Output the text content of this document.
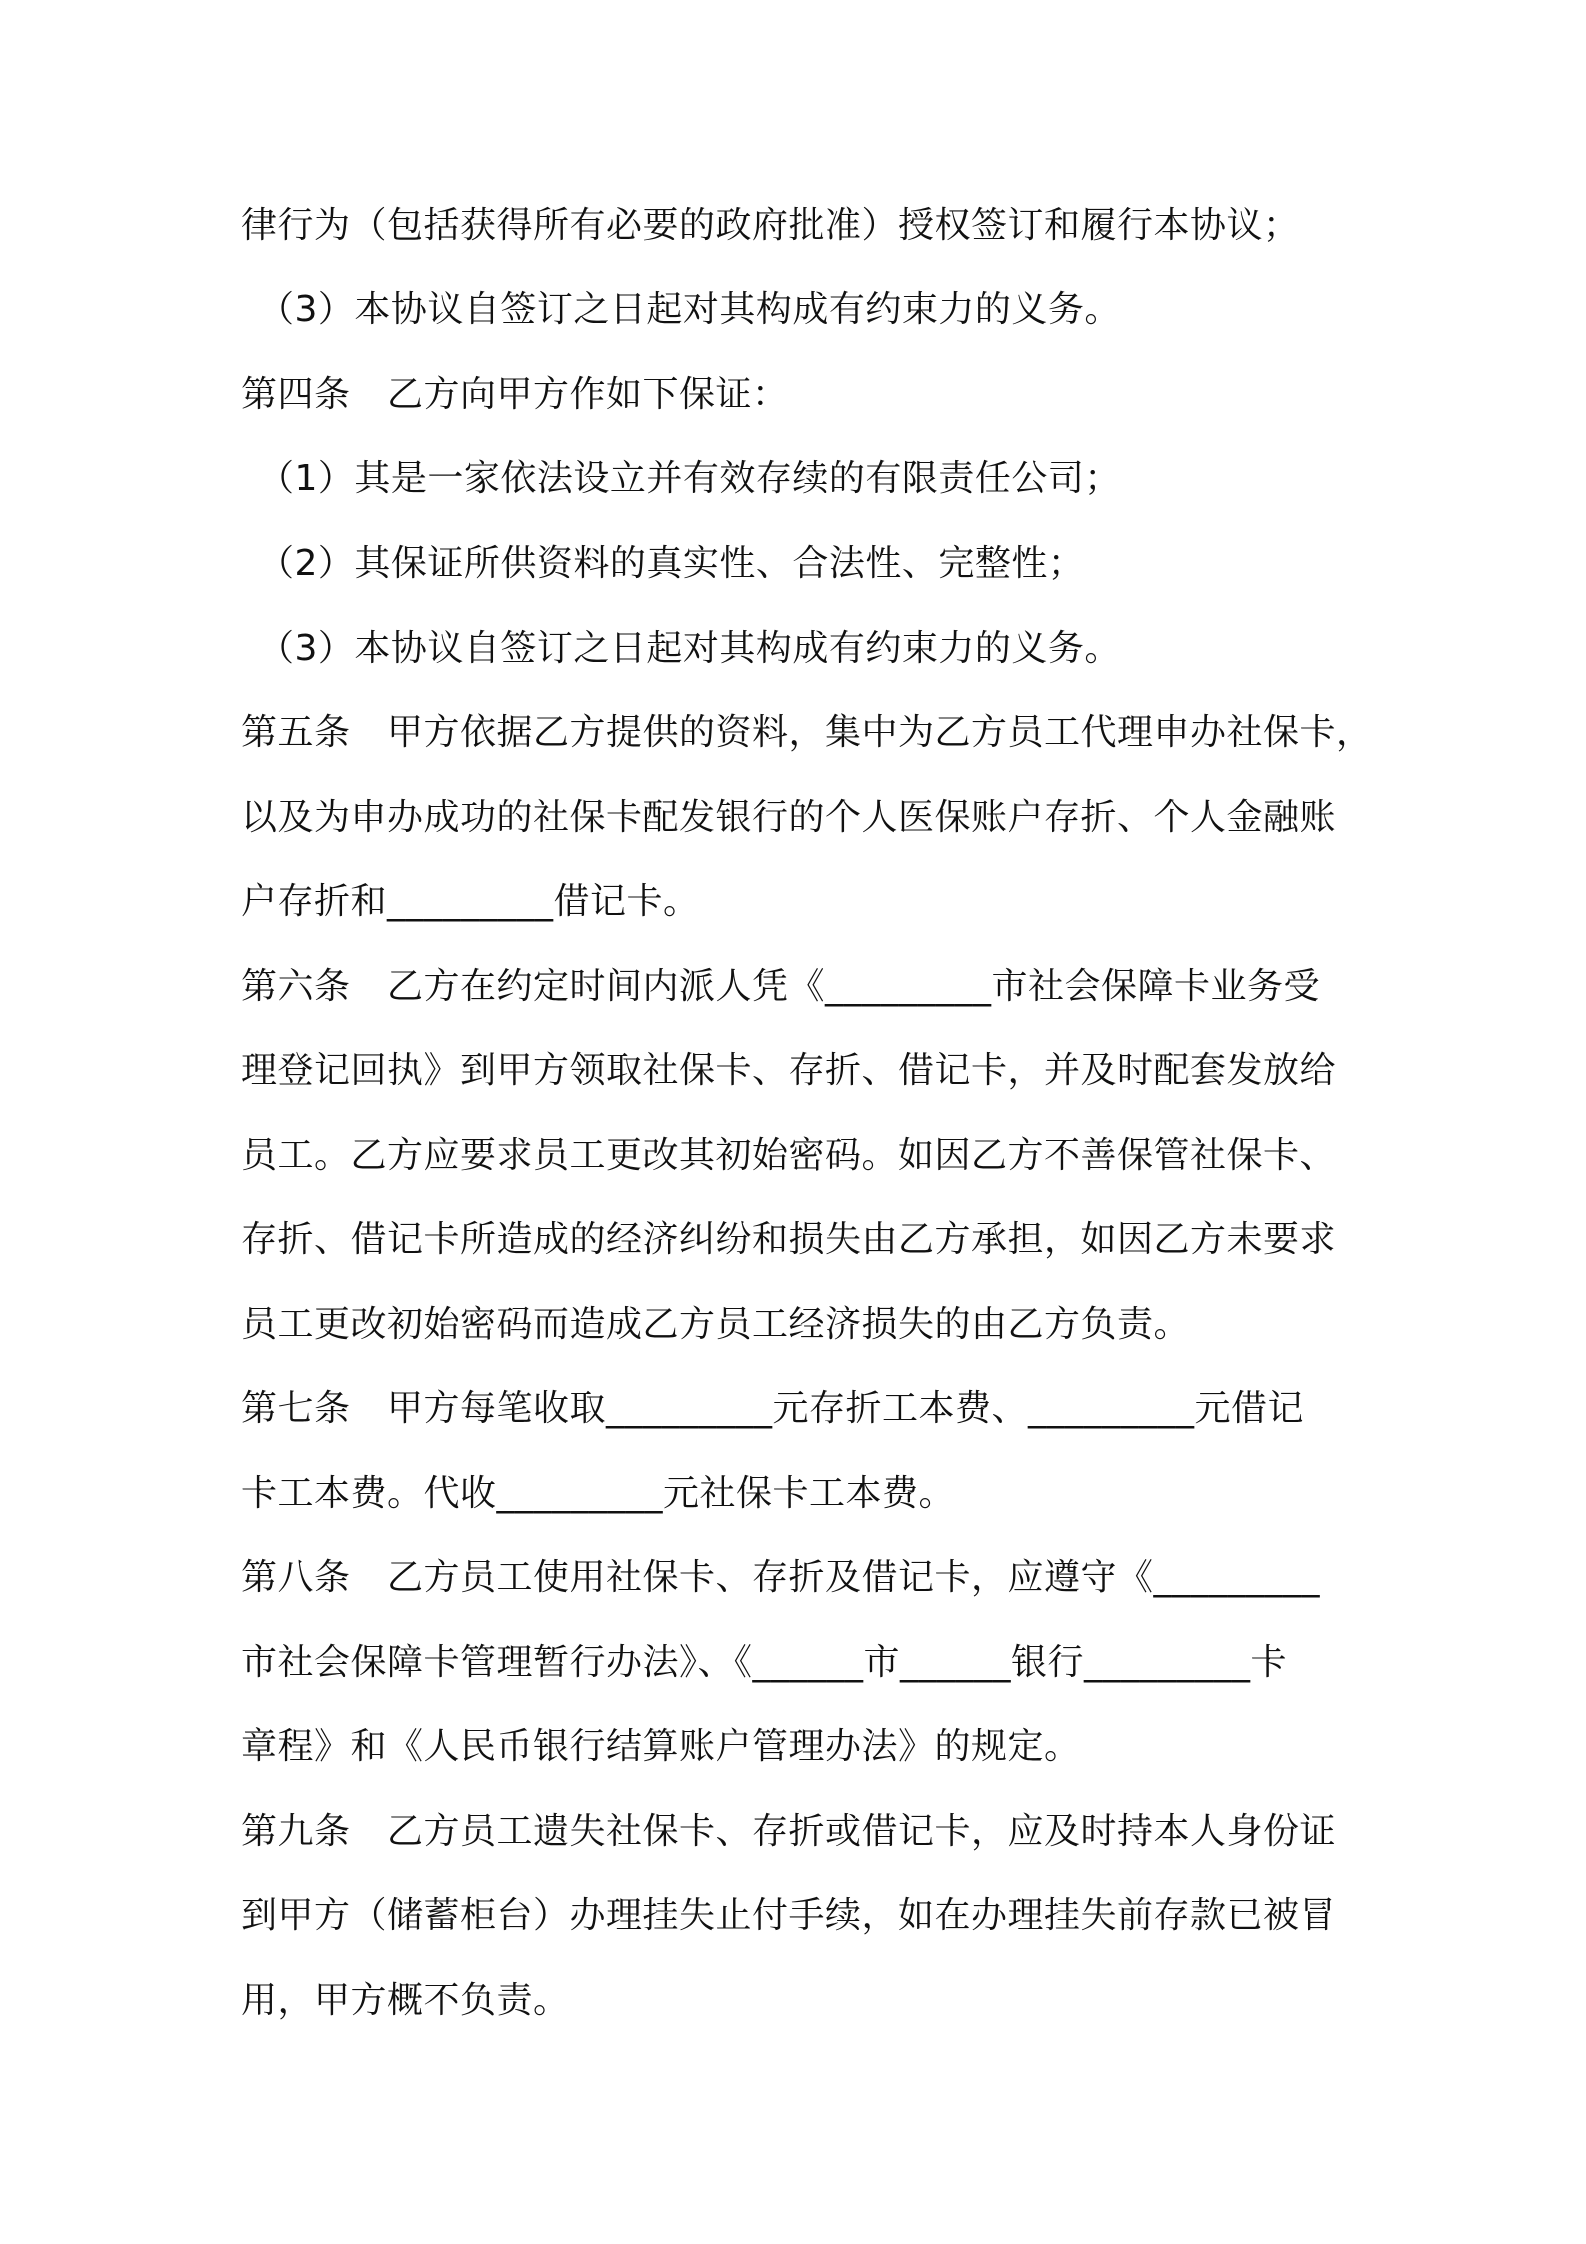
律行为（包括获得所有必要的政府批准）授权签订和履行本协议；
（3）本协议自签订之日起对其构成有约束力的义务。
第四条　乙方向甲方作如下保证：
（1）其是一家依法设立并有效存续的有限责任公司；
（2）其保证所供资料的真实性、合法性、完整性；
（3）本协议自签订之日起对其构成有约束力的义务。
第五条　甲方依据乙方提供的资料，集中为乙方员工代理申办社保卡，
以及为申办成功的社保卡配发银行的个人医保账户存折、个人金融账
户存折和_________借记卡。
第六条　乙方在约定时间内派人凭《_________市社会保障卡业务受
理登记回执》到甲方领取社保卡、存折、借记卡，并及时配套发放给
员工。乙方应要求员工更改其初始密码。如因乙方不善保管社保卡、
存折、借记卡所造成的经济纠纷和损失由乙方承担，如因乙方未要求
员工更改初始密码而造成乙方员工经济损失的由乙方负责。
第七条　甲方每笔收取_________元存折工本费、_________元借记
卡工本费。代收_________元社保卡工本费。
第八条　乙方员工使用社保卡、存折及借记卡，应遵守《_________
市社会保障卡管理暂行办法》、《______市______银行_________卡
章程》和《人民币银行结算账户管理办法》的规定。
第九条　乙方员工遗失社保卡、存折或借记卡，应及时持本人身份证
到甲方（储蓄柜台）办理挂失止付手续，如在办理挂失前存款已被冒
用，甲方概不负责。
